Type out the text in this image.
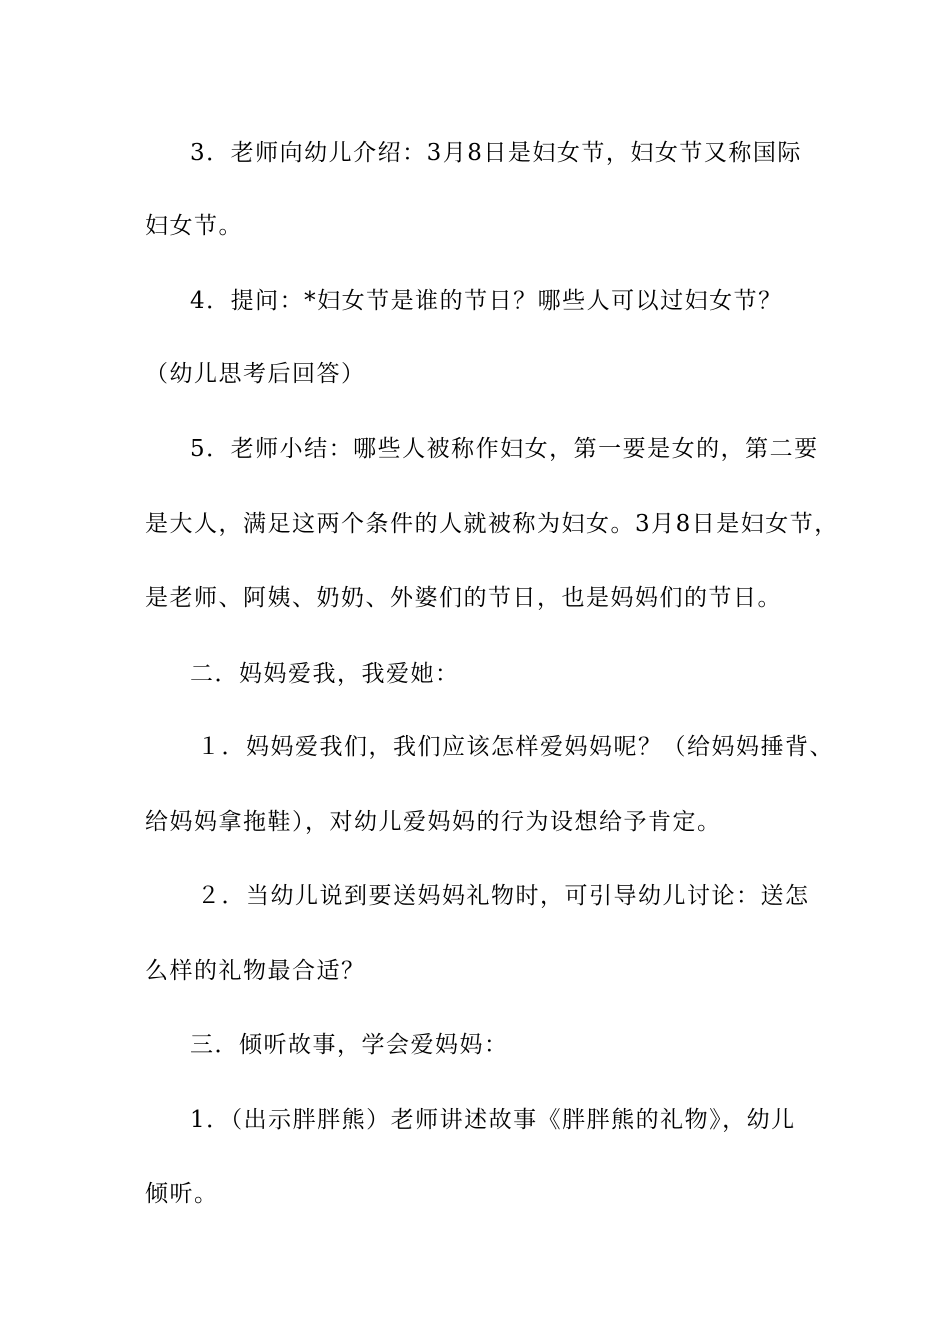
3．老师向幼儿介绍：3月8日是妇女节，妇女节又称国际
妇女节。
4．提问：*妇女节是谁的节日？哪些人可以过妇女节？
（幼儿思考后回答）
5．老师小结：哪些人被称作妇女，第一要是女的，第二要
是大人，满足这两个条件的人就被称为妇女。3月8日是妇女节，
是老师、阿姨、奶奶、外婆们的节日，也是妈妈们的节日。
二．妈妈爱我，我爱她：
１．妈妈爱我们，我们应该怎样爱妈妈呢？（给妈妈捶背、
给妈妈拿拖鞋），对幼儿爱妈妈的行为设想给予肯定。
２．当幼儿说到要送妈妈礼物时，可引导幼儿讨论：送怎
么样的礼物最合适？
三．倾听故事，学会爱妈妈：
1．（出示胖胖熊）老师讲述故事《胖胖熊的礼物》，幼儿
倾听。
